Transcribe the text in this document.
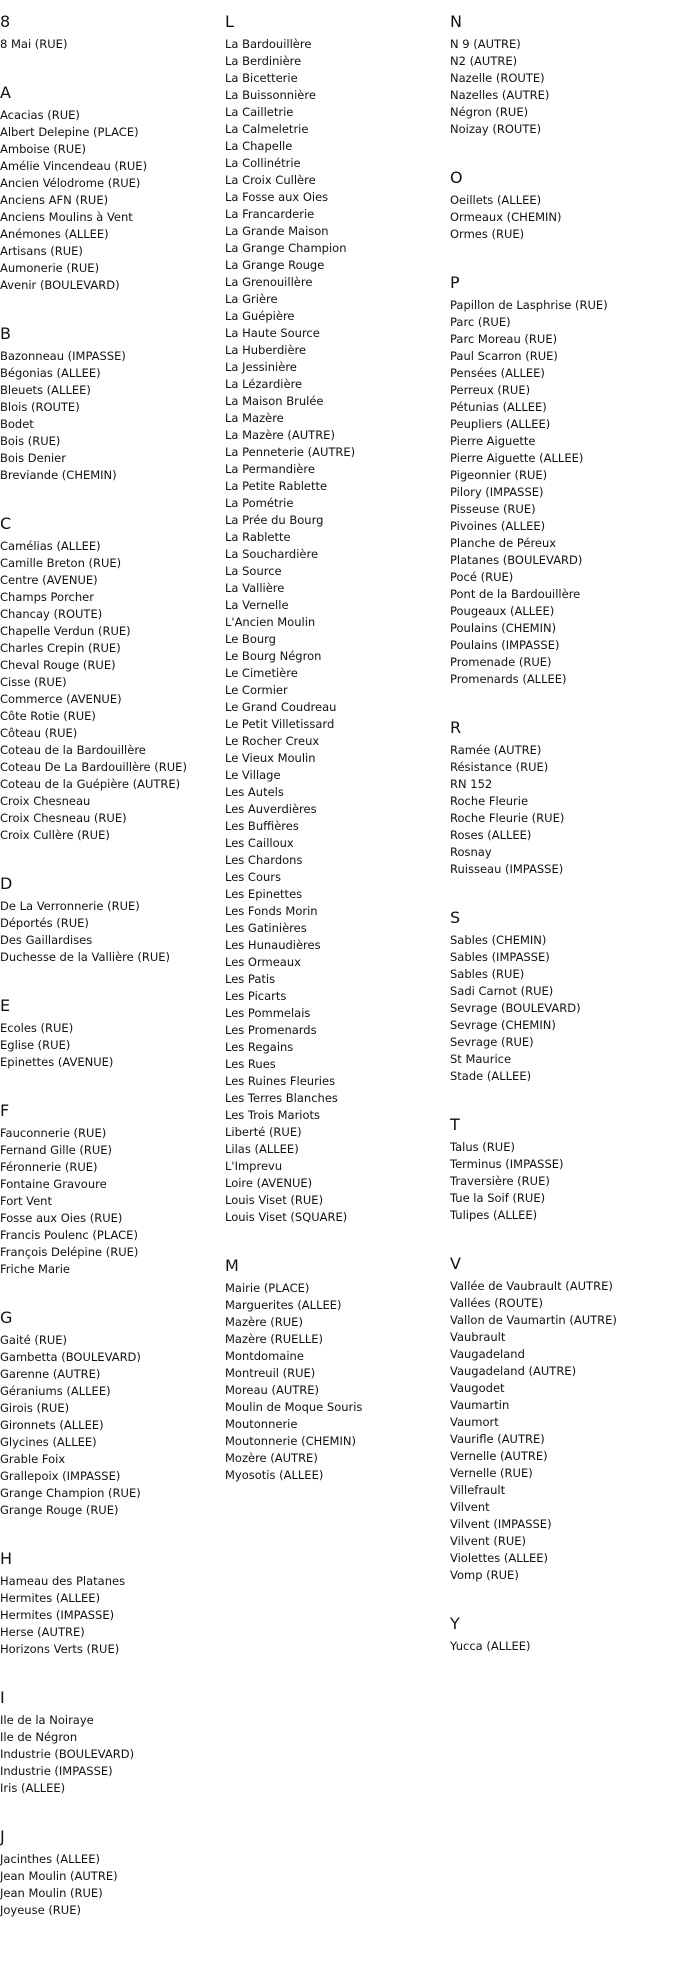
8
8 Mai (RUE)
A
Acacias (RUE)
Albert Delepine (PLACE)
Amboise (RUE)
Amélie Vincendeau (RUE)
Ancien Vélodrome (RUE)
Anciens AFN (RUE)
Anciens Moulins à Vent
Anémones (ALLEE)
Artisans (RUE)
Aumonerie (RUE)
Avenir (BOULEVARD)
B
Bazonneau (IMPASSE)
Bégonias (ALLEE)
Bleuets (ALLEE)
Blois (ROUTE)
Bodet
Bois (RUE)
Bois Denier
Breviande (CHEMIN)
C
Camélias (ALLEE)
Camille Breton (RUE)
Centre (AVENUE)
Champs Porcher
Chancay (ROUTE)
Chapelle Verdun (RUE)
Charles Crepin (RUE)
Cheval Rouge (RUE)
Cisse (RUE)
Commerce (AVENUE)
Côte Rotie (RUE)
Côteau (RUE)
Coteau de la Bardouillère
Coteau De La Bardouillère (RUE)
Coteau de la Guépière (AUTRE)
Croix Chesneau
Croix Chesneau (RUE)
Croix Cullère (RUE)
D
De La Verronnerie (RUE)
Déportés (RUE)
Des Gaillardises
Duchesse de la Vallière (RUE)
E
Ecoles (RUE)
Eglise (RUE)
Epinettes (AVENUE)
F
Fauconnerie (RUE)
Fernand Gille (RUE)
Féronnerie (RUE)
Fontaine Gravoure
Fort Vent
Fosse aux Oies (RUE)
Francis Poulenc (PLACE)
François Delépine (RUE)
Friche Marie
G
Gaité (RUE)
Gambetta (BOULEVARD)
Garenne (AUTRE)
Géraniums (ALLEE)
Girois (RUE)
Gironnets (ALLEE)
Glycines (ALLEE)
Grable Foix
Grallepoix (IMPASSE)
Grange Champion (RUE)
Grange Rouge (RUE)
H
Hameau des Platanes
Hermites (ALLEE)
Hermites (IMPASSE)
Herse (AUTRE)
Horizons Verts (RUE)
I
Ile de la Noiraye
Ile de Négron
Industrie (BOULEVARD)
Industrie (IMPASSE)
Iris (ALLEE)
J
Jacinthes (ALLEE)
Jean Moulin (AUTRE)
Jean Moulin (RUE)
Joyeuse (RUE)
L
La Bardouillère
La Berdinière
La Bicetterie
La Buissonnière
La Cailletrie
La Calmeletrie
La Chapelle
La Collinétrie
La Croix Cullère
La Fosse aux Oies
La Francarderie
La Grande Maison
La Grange Champion
La Grange Rouge
La Grenouillère
La Grière
La Guépière
La Haute Source
La Huberdière
La Jessinière
La Lézardière
La Maison Brulée
La Mazère
La Mazère (AUTRE)
La Penneterie (AUTRE)
La Permandière
La Petite Rablette
La Pométrie
La Prée du Bourg
La Rablette
La Souchardière
La Source
La Vallière
La Vernelle
L'Ancien Moulin
Le Bourg
Le Bourg Négron
Le Cimetière
Le Cormier
Le Grand Coudreau
Le Petit Villetissard
Le Rocher Creux
Le Vieux Moulin
Le Village
Les Autels
Les Auverdières
Les Buffières
Les Cailloux
Les Chardons
Les Cours
Les Epinettes
Les Fonds Morin
Les Gatinières
Les Hunaudières
Les Ormeaux
Les Patis
Les Picarts
Les Pommelais
Les Promenards
Les Regains
Les Rues
Les Ruines Fleuries
Les Terres Blanches
Les Trois Mariots
Liberté (RUE)
Lilas (ALLEE)
L'Imprevu
Loire (AVENUE)
Louis Viset (RUE)
Louis Viset (SQUARE)
M
Mairie (PLACE)
Marguerites (ALLEE)
Mazère (RUE)
Mazère (RUELLE)
Montdomaine
Montreuil (RUE)
Moreau (AUTRE)
Moulin de Moque Souris
Moutonnerie
Moutonnerie (CHEMIN)
Mozère (AUTRE)
Myosotis (ALLEE)
N
N 9 (AUTRE)
N2 (AUTRE)
Nazelle (ROUTE)
Nazelles (AUTRE)
Négron (RUE)
Noizay (ROUTE)
O
Oeillets (ALLEE)
Ormeaux (CHEMIN)
Ormes (RUE)
P
Papillon de Lasphrise (RUE)
Parc (RUE)
Parc Moreau (RUE)
Paul Scarron (RUE)
Pensées (ALLEE)
Perreux (RUE)
Pétunias (ALLEE)
Peupliers (ALLEE)
Pierre Aiguette
Pierre Aiguette (ALLEE)
Pigeonnier (RUE)
Pilory (IMPASSE)
Pisseuse (RUE)
Pivoines (ALLEE)
Planche de Péreux
Platanes (BOULEVARD)
Pocé (RUE)
Pont de la Bardouillère
Pougeaux (ALLEE)
Poulains (CHEMIN)
Poulains (IMPASSE)
Promenade (RUE)
Promenards (ALLEE)
R
Ramée (AUTRE)
Résistance (RUE)
RN 152
Roche Fleurie
Roche Fleurie (RUE)
Roses (ALLEE)
Rosnay
Ruisseau (IMPASSE)
S
Sables (CHEMIN)
Sables (IMPASSE)
Sables (RUE)
Sadi Carnot (RUE)
Sevrage (BOULEVARD)
Sevrage (CHEMIN)
Sevrage (RUE)
St Maurice
Stade (ALLEE)
T
Talus (RUE)
Terminus (IMPASSE)
Traversière (RUE)
Tue la Soif (RUE)
Tulipes (ALLEE)
V
Vallée de Vaubrault (AUTRE)
Vallées (ROUTE)
Vallon de Vaumartin (AUTRE)
Vaubrault
Vaugadeland
Vaugadeland (AUTRE)
Vaugodet
Vaumartin
Vaumort
Vaurifle (AUTRE)
Vernelle (AUTRE)
Vernelle (RUE)
Villefrault
Vilvent
Vilvent (IMPASSE)
Vilvent (RUE)
Violettes (ALLEE)
Vomp (RUE)
Y
Yucca (ALLEE)
